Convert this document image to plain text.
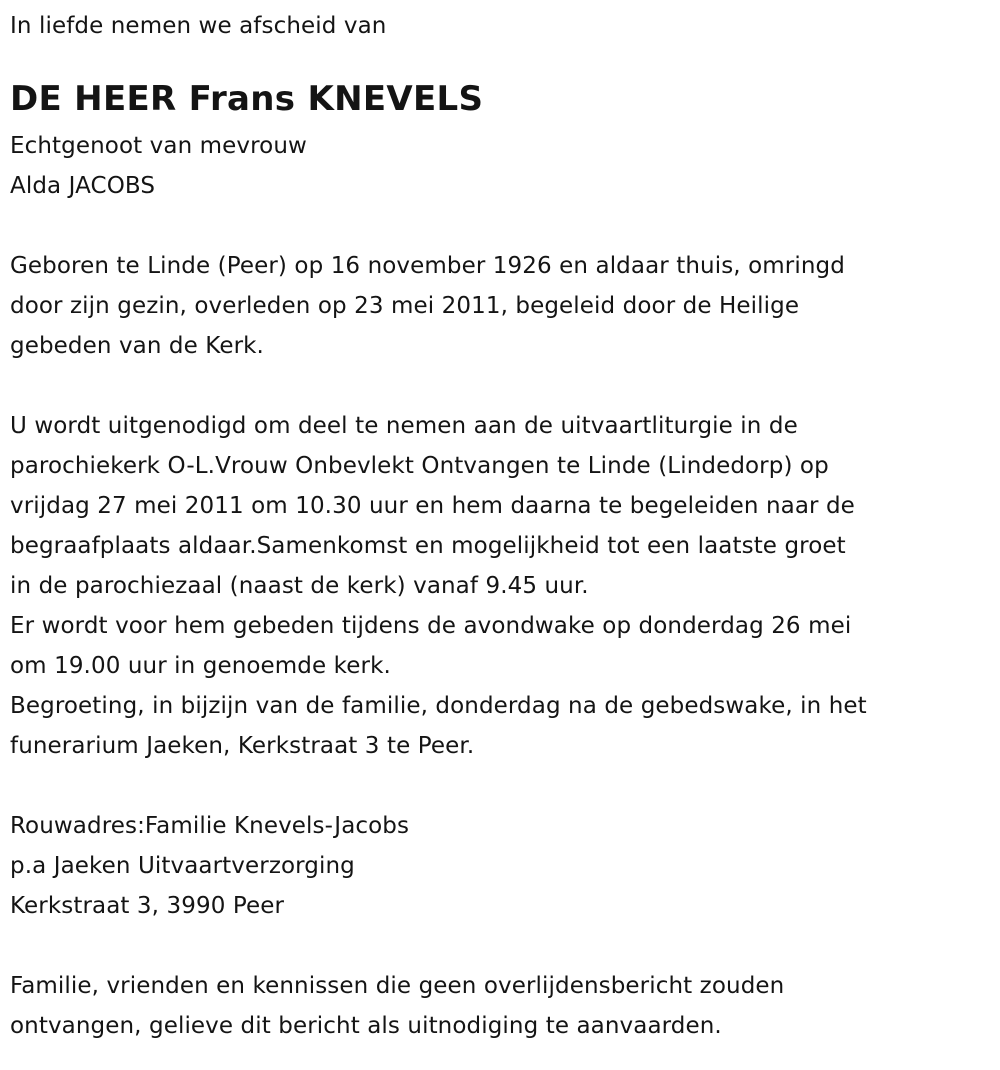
In liefde nemen we afscheid van
DE HEER Frans KNEVELS
Echtgenoot van mevrouw
Alda JACOBS
Geboren te Linde (Peer) op 16 november 1926 en aldaar thuis, omringd
door zijn gezin, overleden op 23 mei 2011, begeleid door de Heilige
gebeden van de Kerk.
U wordt uitgenodigd om deel te nemen aan de uitvaartliturgie in de
parochiekerk O-L.Vrouw Onbevlekt Ontvangen te Linde (Lindedorp) op
vrijdag 27 mei 2011 om 10.30 uur en hem daarna te begeleiden naar de
begraafplaats aldaar.Samenkomst en mogelijkheid tot een laatste groet
in de parochiezaal (naast de kerk) vanaf 9.45 uur.
Er wordt voor hem gebeden tijdens de avondwake op donderdag 26 mei
om 19.00 uur in genoemde kerk.
Begroeting, in bijzijn van de familie, donderdag na de gebedswake, in het
funerarium Jaeken, Kerkstraat 3 te Peer.
Rouwadres:Familie Knevels-Jacobs
p.a Jaeken Uitvaartverzorging
Kerkstraat 3, 3990 Peer
Familie, vrienden en kennissen die geen overlijdensbericht zouden
ontvangen, gelieve dit bericht als uitnodiging te aanvaarden.
